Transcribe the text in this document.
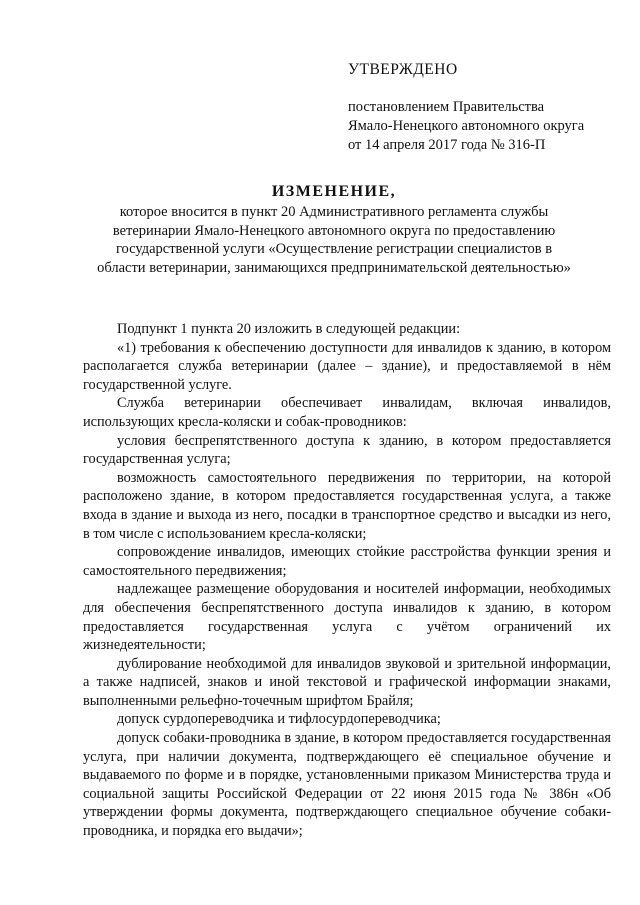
УТВЕРЖДЕНО
постановлением Правительства
Ямало-Ненецкого автономного округа
от 14 апреля 2017 года № 316-П
ИЗМЕНЕНИЕ,
которое вносится в пункт 20 Административного регламента службы ветеринарии Ямало-Ненецкого автономного округа по предоставлению государственной услуги «Осуществление регистрации специалистов в области ветеринарии, занимающихся предпринимательской деятельностью»

Подпункт 1 пункта 20 изложить в следующей редакции:

«1) требования к обеспечению доступности для инвалидов к зданию, в котором располагается служба ветеринарии (далее – здание), и предоставляемой в нём государственной услуге.

Служба ветеринарии обеспечивает инвалидам, включая инвалидов, использующих кресла-коляски и собак-проводников:

условия беспрепятственного доступа к зданию, в котором предоставляется государственная услуга;

возможность самостоятельного передвижения по территории, на которой расположено здание, в котором предоставляется государственная услуга, а также входа в здание и выхода из него, посадки в транспортное средство и высадки из него, в том числе с использованием кресла-коляски;

сопровождение инвалидов, имеющих стойкие расстройства функции зрения и самостоятельного передвижения;

надлежащее размещение оборудования и носителей информации, необходимых для обеспечения беспрепятственного доступа инвалидов к зданию, в котором предоставляется государственная услуга с учётом ограничений их жизнедеятельности;

дублирование необходимой для инвалидов звуковой и зрительной информации, а также надписей, знаков и иной текстовой и графической информации знаками, выполненными рельефно-точечным шрифтом Брайля;

допуск сурдопереводчика и тифлосурдопереводчика;

допуск собаки-проводника в здание, в котором предоставляется государственная услуга, при наличии документа, подтверждающего её специальное обучение и выдаваемого по форме и в порядке, установленными приказом Министерства труда и социальной защиты Российской Федерации от 22 июня 2015 года № 386н «Об утверждении формы документа, подтверждающего специальное обучение собаки-проводника, и порядка его выдачи»;
